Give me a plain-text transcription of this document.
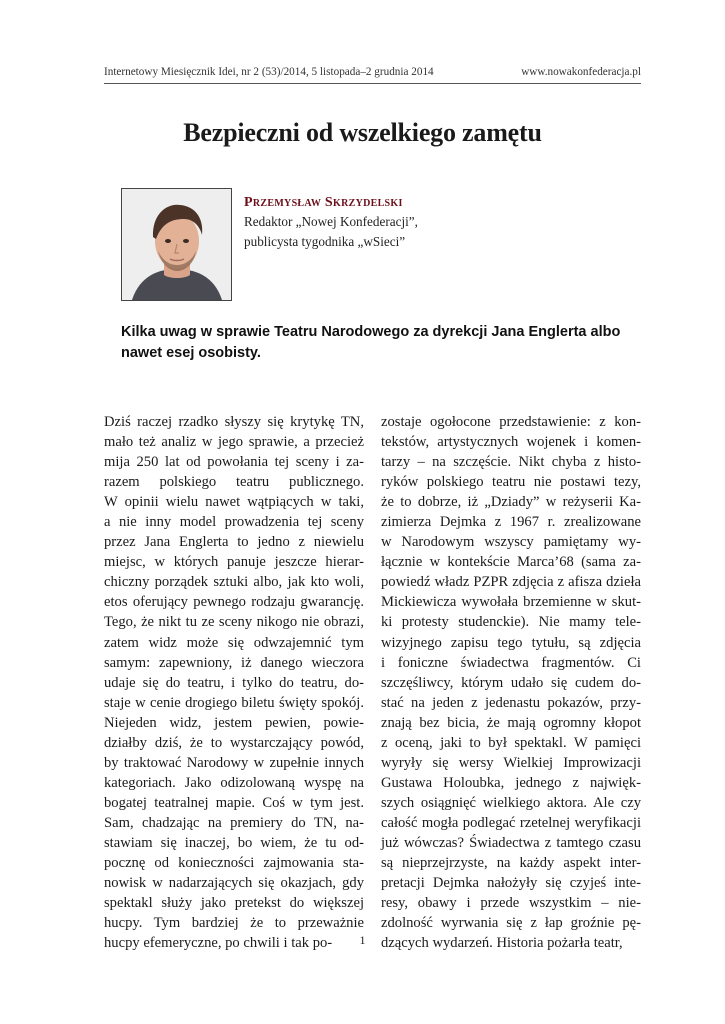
Internetowy Miesięcznik Idei, nr 2 (53)/2014, 5 listopada–2 grudnia 2014	www.nowakonfederacja.pl
Bezpieczni od wszelkiego zamętu
Przemysław Skrzydelski
Redaktor „Nowej Konfederacji”,
publicysta tygodnika „wSieci”
Kilka uwag w sprawie Teatru Narodowego za dyrekcji Jana Englerta albo
nawet esej osobisty.
Dziś raczej rzadko słyszy się krytykę TN,
mało też analiz w jego sprawie, a przecież
mija 250 lat od powołania tej sceny i za-
razem polskiego teatru publicznego.
W opinii wielu nawet wątpiących w taki,
a nie inny model prowadzenia tej sceny
przez Jana Englerta to jedno z niewielu
miejsc, w których panuje jeszcze hierar-
chiczny porządek sztuki albo, jak kto woli,
etos oferujący pewnego rodzaju gwarancję.
Tego, że nikt tu ze sceny nikogo nie obrazi,
zatem widz może się odwzajemnić tym
samym: zapewniony, iż danego wieczora
udaje się do teatru, i tylko do teatru, do-
staje w cenie drogiego biletu święty spokój.
Niejeden widz, jestem pewien, powie-
działby dziś, że to wystarczający powód,
by traktować Narodowy w zupełnie innych
kategoriach. Jako odizolowaną wyspę na
bogatej teatralnej mapie. Coś w tym jest.
Sam, chadzając na premiery do TN, na-
stawiam się inaczej, bo wiem, że tu od-
pocznę od konieczności zajmowania sta-
nowisk w nadarzających się okazjach, gdy
spektakl służy jako pretekst do większej
hucpy. Tym bardziej że to przeważnie
hucpy efemeryczne, po chwili i tak po-
zostaje ogołocone przedstawienie: z kon-
tekstów, artystycznych wojenek i komen-
tarzy – na szczęście. Nikt chyba z histo-
ryków polskiego teatru nie postawi tezy,
że to dobrze, iż „Dziady” w reżyserii Ka-
zimierza Dejmka z 1967 r. zrealizowane
w Narodowym wszyscy pamiętamy wy-
łącznie w kontekście Marca’68 (sama za-
powiedź władz PZPR zdjęcia z afisza dzieła
Mickiewicza wywołała brzemienne w skut-
ki protesty studenckie). Nie mamy tele-
wizyjnego zapisu tego tytułu, są zdjęcia
i foniczne świadectwa fragmentów. Ci
szczęśliwcy, którym udało się cudem do-
stać na jeden z jedenastu pokazów, przy-
znają bez bicia, że mają ogromny kłopot
z oceną, jaki to był spektakl. W pamięci
wyryły się wersy Wielkiej Improwizacji
Gustawa Holoubka, jednego z najwięk-
szych osiągnięć wielkiego aktora. Ale czy
całość mogła podlegać rzetelnej weryfikacji
już wówczas? Świadectwa z tamtego czasu
są nieprzejrzyste, na każdy aspekt inter-
pretacji Dejmka nałożyły się czyjeś inte-
resy, obawy i przede wszystkim – nie-
zdolność wyrwania się z łap groźnie pę-
dzących wydarzeń. Historia pożarła teatr,
1
